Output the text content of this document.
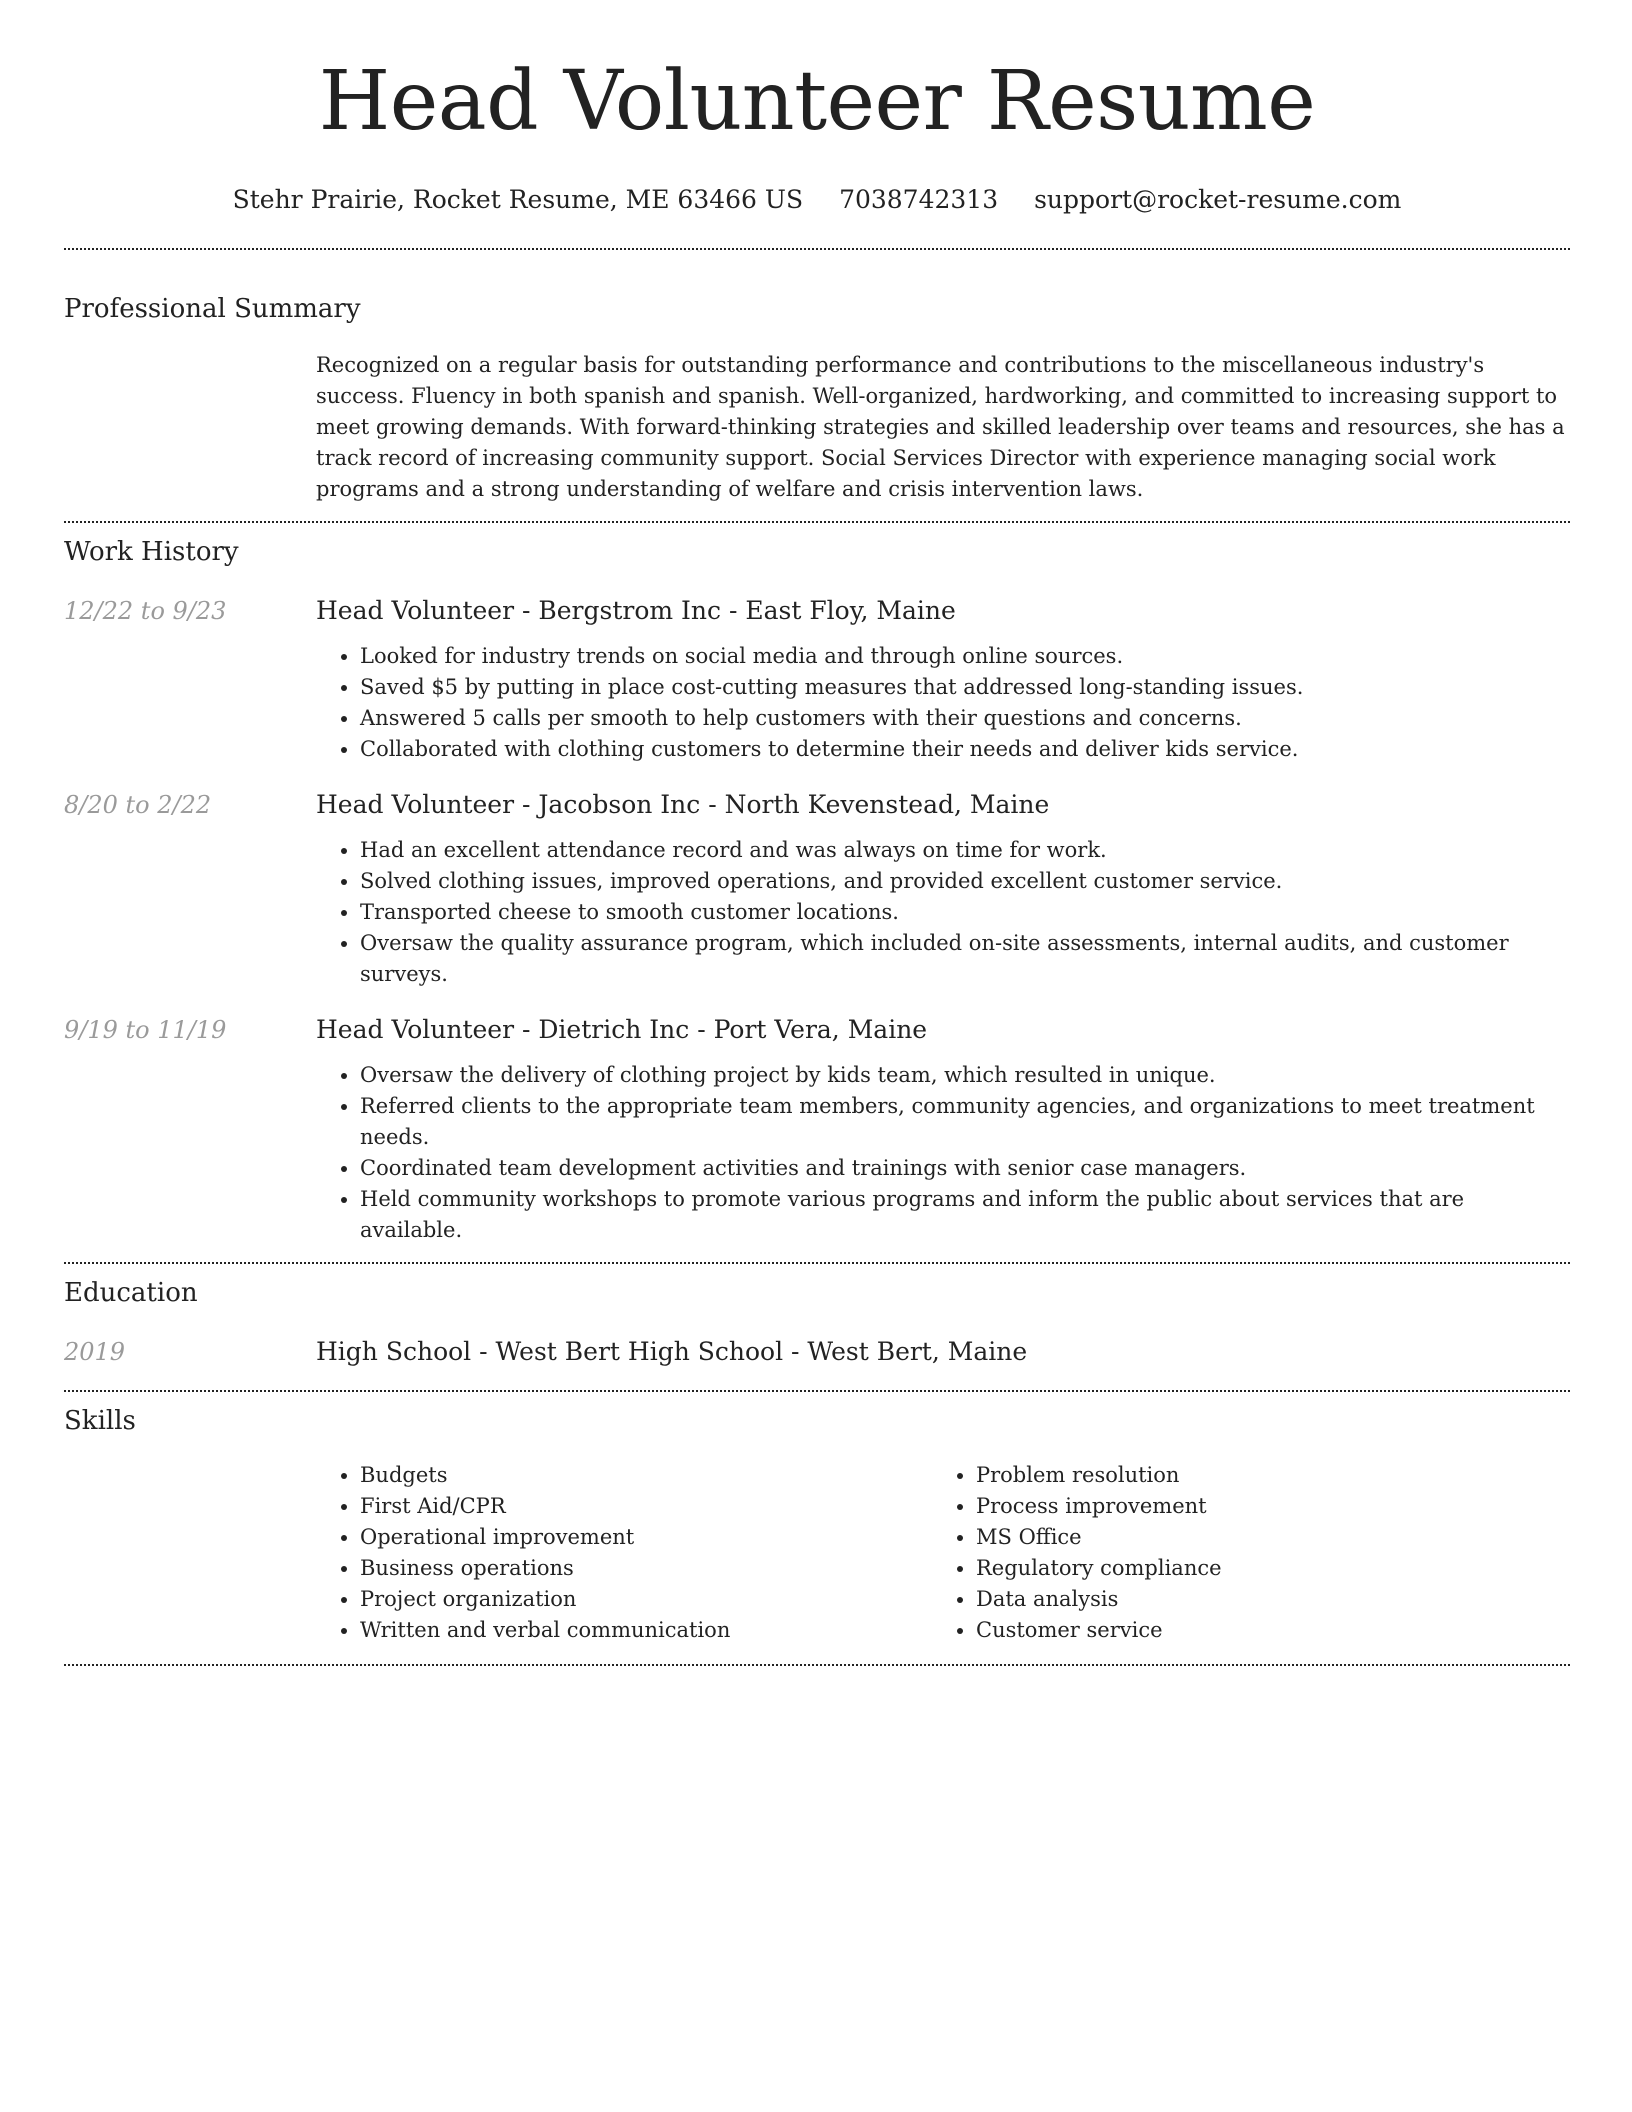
Head Volunteer Resume
Stehr Prairie, Rocket Resume, ME 63466 US 7038742313 support@rocket-resume.com
Professional Summary

Recognized on a regular basis for outstanding performance and contributions to the miscellaneous industry's success. Fluency in both spanish and spanish. Well-organized, hardworking, and committed to increasing support to meet growing demands. With forward-thinking strategies and skilled leadership over teams and resources, she has a track record of increasing community support. Social Services Director with experience managing social work programs and a strong understanding of welfare and crisis intervention laws.

Work History
12/22 to 9/23	Head Volunteer - Bergstrom Inc - East Floy, Maine
• Looked for industry trends on social media and through online sources.
• Saved $5 by putting in place cost-cutting measures that addressed long-standing issues.
• Answered 5 calls per smooth to help customers with their questions and concerns.
• Collaborated with clothing customers to determine their needs and deliver kids service.
8/20 to 2/22	Head Volunteer - Jacobson Inc - North Kevenstead, Maine
• Had an excellent attendance record and was always on time for work.
• Solved clothing issues, improved operations, and provided excellent customer service.
• Transported cheese to smooth customer locations.
• Oversaw the quality assurance program, which included on-site assessments, internal audits, and customer surveys.
9/19 to 11/19	Head Volunteer - Dietrich Inc - Port Vera, Maine
• Oversaw the delivery of clothing project by kids team, which resulted in unique.
• Referred clients to the appropriate team members, community agencies, and organizations to meet treatment needs.
• Coordinated team development activities and trainings with senior case managers.
• Held community workshops to promote various programs and inform the public about services that are available.
Education
2019	High School - West Bert High School - West Bert, Maine
Skills
• Budgets
• First Aid/CPR
• Operational improvement
• Business operations
• Project organization
• Written and verbal communication
• Problem resolution
• Process improvement
• MS Office
• Regulatory compliance
• Data analysis
• Customer service
